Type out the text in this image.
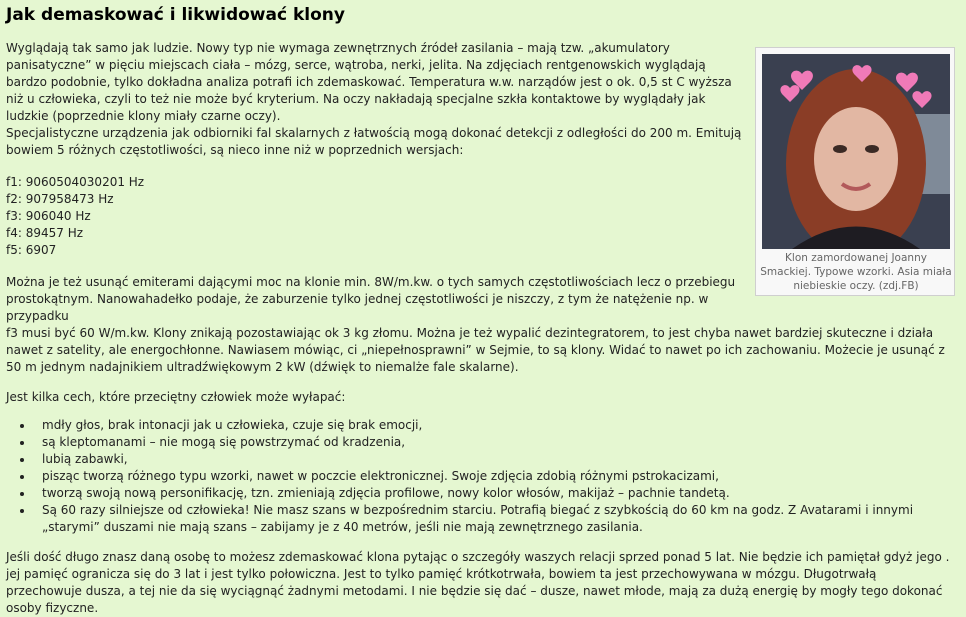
Jak demaskować i likwidować klony

Wyglądają tak samo jak ludzie. Nowy typ nie wymaga zewnętrznych źródeł zasilania – mają tzw. „akumulatory panisatyczne” w pięciu miejscach ciała – mózg, serce, wątroba, nerki, jelita. Na zdjęciach rentgenowskich wyglądają bardzo podobnie, tylko dokładna analiza potrafi ich zdemaskować. Temperatura w.w. narządów jest o ok. 0,5 st C wyższa niż u człowieka, czyli to też nie może być kryterium. Na oczy nakładają specjalne szkła kontaktowe by wyglądały jak ludzkie (poprzednie klony miały czarne oczy).

Specjalistyczne urządzenia jak odbiorniki fal skalarnych z łatwością mogą dokonać detekcji z odległości do 200 m. Emitują bowiem 5 różnych częstotliwości, są nieco inne niż w poprzednich wersjach:

f1: 9060504030201 Hz
f2: 907958473 Hz
f3: 906040 Hz
f4: 89457 Hz
f5: 6907

Można je też usunąć emiterami dającymi moc na klonie min. 8W/m.kw. o tych samych częstotliwościach lecz o przebiegu prostokątnym. Nanowahadełko podaje, że zaburzenie tylko jednej częstotliwości je niszczy, z tym że natężenie np. w przypadku
f3 musi być 60 W/m.kw. Klony znikają pozostawiając ok 3 kg złomu. Można je też wypalić dezintegratorem, to jest chyba nawet bardziej skuteczne i działa nawet z satelity, ale energochłonne. Nawiasem mówiąc, ci „niepełnosprawni” w Sejmie, to są klony. Widać to nawet po ich zachowaniu. Możecie je usunąć z 50 m jednym nadajnikiem ultradźwiękowym 2 kW (dźwięk to niemalże fale skalarne).

Jest kilka cech, które przeciętny człowiek może wyłapać:

• mdły głos, brak intonacji jak u człowieka, czuje się brak emocji,
• są kleptomanami – nie mogą się powstrzymać od kradzenia,
• lubią zabawki,
• pisząc tworzą różnego typu wzorki, nawet w poczcie elektronicznej. Swoje zdjęcia zdobią różnymi pstrokacizami,
• tworzą swoją nową personifikację, tzn. zmieniają zdjęcia profilowe, nowy kolor włosów, makijaż – pachnie tandetą.
• Są 60 razy silniejsze od człowieka! Nie masz szans w bezpośrednim starciu. Potrafią biegać z szybkością do 60 km na godz. Z Avatarami i innymi „starymi” duszami nie mają szans – zabijamy je z 40 metrów, jeśli nie mają zewnętrznego zasilania.

Jeśli dość długo znasz daną osobę to możesz zdemaskować klona pytając o szczegóły waszych relacji sprzed ponad 5 lat. Nie będzie ich pamiętał gdyż jego . jej pamięć ogranicza się do 3 lat i jest tylko połowiczna. Jest to tylko pamięć krótkotrwała, bowiem ta jest przechowywana w mózgu. Długotrwałą przechowuje dusza, a tej nie da się wyciągnąć żadnymi metodami. I nie będzie się dać – dusze, nawet młode, mają za dużą energię by mogły tego dokonać osoby fizyczne.

Klon zamordowanej Joanny Smackiej. Typowe wzorki. Asia miała niebieskie oczy. (zdj.FB)
